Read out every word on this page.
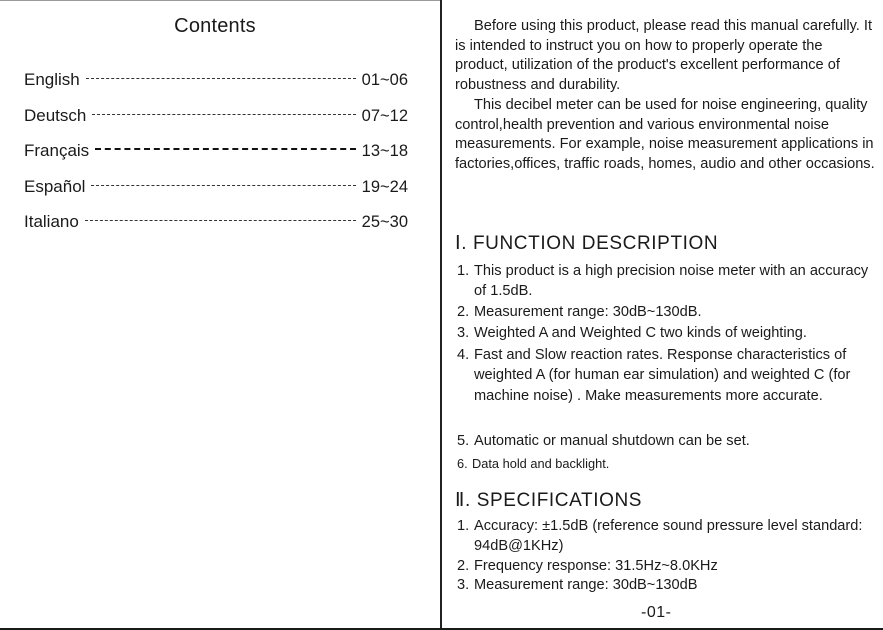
Contents
English	01~06
Deutsch	07~12
Français	13~18
Español	19~24
Italiano	25~30

Before using this product, please read this manual carefully. It is intended to instruct you on how to properly operate the product, utilization of the product's excellent performance of robustness and durability.

This decibel meter can be used for noise engineering, quality control,health prevention and various environmental noise measurements. For example, noise measurement applications in factories,offices, traffic roads, homes, audio and other occasions.

Ⅰ. FUNCTION DESCRIPTION
1. This product is a high precision noise meter with an accuracy of 1.5dB.
2. Measurement range: 30dB~130dB.
3. Weighted A and Weighted C two kinds of weighting.
4. Fast and Slow reaction rates. Response characteristics of weighted A (for human ear simulation) and weighted C (for machine noise) . Make measurements more accurate.
5. Automatic or manual shutdown can be set.
6. Data hold and backlight.
Ⅱ. SPECIFICATIONS
1. Accuracy: ±1.5dB (reference sound pressure level standard: 94dB@1KHz)
2. Frequency response: 31.5Hz~8.0KHz
3. Measurement range: 30dB~130dB
-01-
